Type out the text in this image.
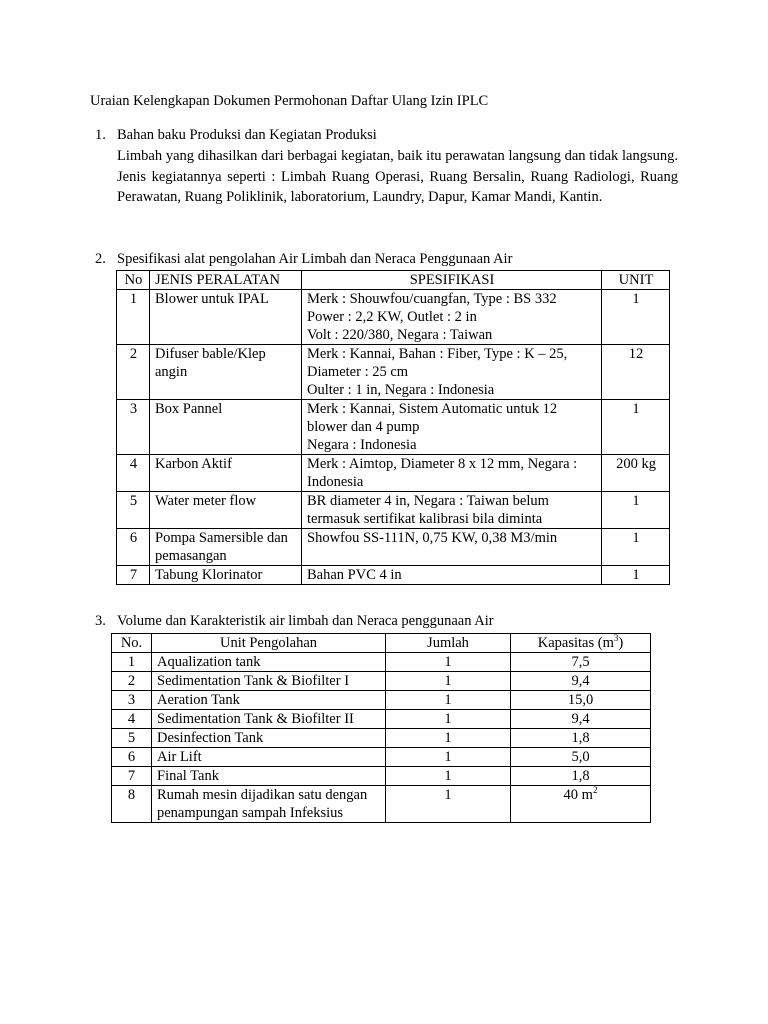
Uraian Kelengkapan Dokumen Permohonan Daftar Ulang Izin IPLC
1. Bahan baku Produksi dan Kegiatan Produksi

Limbah yang dihasilkan dari berbagai kegiatan, baik itu perawatan langsung dan tidak langsung. Jenis kegiatannya seperti : Limbah Ruang Operasi, Ruang Bersalin, Ruang Radiologi, Ruang Perawatan, Ruang Poliklinik, laboratorium, Laundry, Dapur, Kamar Mandi, Kantin.

2. Spesifikasi alat pengolahan Air Limbah dan Neraca Penggunaan Air
No	JENIS PERALATAN	SPESIFIKASI	UNIT
1	Blower untuk IPAL	Merk : Shouwfou/cuangfan, Type : BS 332
Power : 2,2 KW, Outlet : 2 in
Volt : 220/380, Negara : Taiwan	1
2	Difuser bable/Klep angin	Merk : Kannai, Bahan : Fiber, Type : K – 25,
Diameter : 25 cm
Oulter : 1 in, Negara : Indonesia	12
3	Box Pannel	Merk : Kannai, Sistem Automatic untuk 12 blower dan 4 pump
Negara : Indonesia	1
4	Karbon Aktif	Merk : Aimtop, Diameter 8 x 12 mm, Negara : Indonesia	200 kg
5	Water meter flow	BR diameter 4 in, Negara : Taiwan belum termasuk sertifikat kalibrasi bila diminta	1
6	Pompa Samersible dan pemasangan	Showfou SS-111N, 0,75 KW, 0,38 M3/min	1
7	Tabung Klorinator	Bahan PVC 4 in	1
3. Volume dan Karakteristik air limbah dan Neraca penggunaan Air
No.	Unit Pengolahan	Jumlah	Kapasitas $(m^3)$
1	Aqualization tank	1	7,5
2	Sedimentation Tank & Biofilter I	1	9,4
3	Aeration Tank	1	15,0
4	Sedimentation Tank & Biofilter II	1	9,4
5	Desinfection Tank	1	1,8
6	Air Lift	1	5,0
7	Final Tank	1	1,8
8	Rumah mesin dijadikan satu dengan penampungan sampah Infeksius	1	40 $m^2$
